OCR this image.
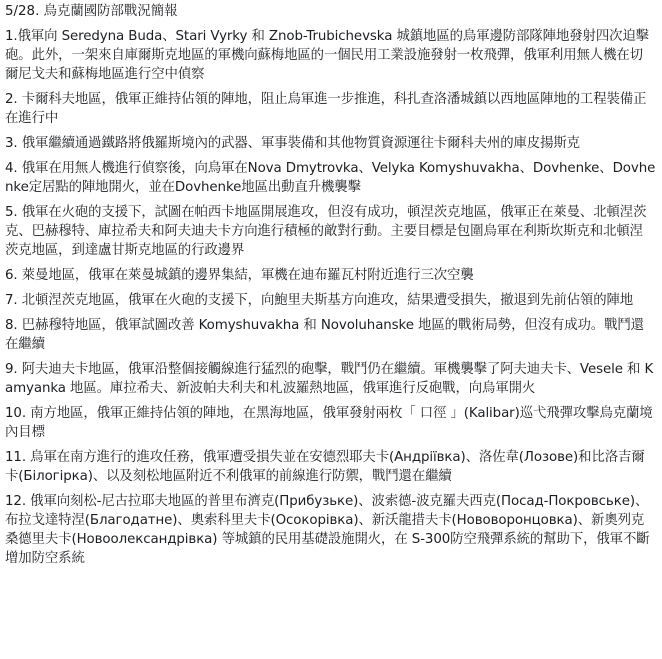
5/28. 烏克蘭國防部戰況簡報
1.俄軍向 Seredyna Buda、Stari Vyrky 和 Znob-Trubichevska 城鎮地區的烏軍邊防部隊陣地發射四次迫擊砲。此外，一架來自庫爾斯克地區的軍機向蘇梅地區的一個民用工業設施發射一枚飛彈，俄軍利用無人機在切爾尼戈夫和蘇梅地區進行空中偵察
2. 卡爾科夫地區，俄軍正維持佔領的陣地，阻止烏軍進一步推進，科扎查洛潘城鎮以西地區陣地的工程裝備正在進行中
3. 俄軍繼續通過鐵路將俄羅斯境內的武器、軍事裝備和其他物質資源運往卡爾科夫州的庫皮揚斯克
4. 俄軍在用無人機進行偵察後，向烏軍在Nova Dmytrovka、Velyka Komyshuvakha、Dovhenke、Dovhenke定居點的陣地開火，並在Dovhenke地區出動直升機襲擊
5. 俄軍在火砲的支援下，試圖在帕西卡地區開展進攻，但沒有成功，頓涅茨克地區，俄軍正在萊曼、北頓涅茨克、巴赫穆特、庫拉希夫和阿夫迪夫卡方向進行積極的敵對行動。主要目標是包圍烏軍在利斯坎斯克和北頓涅茨克地區，到達盧甘斯克地區的行政邊界
6. 萊曼地區，俄軍在萊曼城鎮的邊界集結，軍機在迪布羅瓦村附近進行三次空襲
7. 北頓涅茨克地區，俄軍在火砲的支援下，向鮑里夫斯基方向進攻，結果遭受損失，撤退到先前佔領的陣地
8. 巴赫穆特地區，俄軍試圖改善 Komyshuvakha 和 Novoluhanske 地區的戰術局勢，但沒有成功。戰鬥還在繼續
9. 阿夫迪夫卡地區，俄軍沿整個接觸線進行猛烈的砲擊，戰鬥仍在繼續。軍機襲擊了阿夫迪夫卡、Vesele 和 Kamyanka 地區。庫拉希夫、新波帕夫利夫和札波羅熱地區，俄軍進行反砲戰，向烏軍開火
10. 南方地區，俄軍正維持佔領的陣地，在黑海地區，俄軍發射兩枚「 口徑 」(Kalibar)巡弋飛彈攻擊烏克蘭境內目標
11. 烏軍在南方進行的進攻任務，俄軍遭受損失並在安德烈耶夫卡(Андріївка)、洛佐韋(Лозове)和比洛吉爾卡(Білогірка)、以及刻松地區附近不利俄軍的前線進行防禦，戰鬥還在繼續
12. 俄軍向刻松-尼古拉耶夫地區的普里布濟克(Прибузьке)、波索德-波克羅夫西克(Посад-Покровське)、布拉戈達特涅(Благодатне)、奧索科里夫卡(Осокорівка)、新沃龍措夫卡(Нововоронцовка)、新奧列克桑德里夫卡(Новоолександрівка) 等城鎮的民用基礎設施開火，在 S-300防空飛彈系統的幫助下，俄軍不斷增加防空系統
